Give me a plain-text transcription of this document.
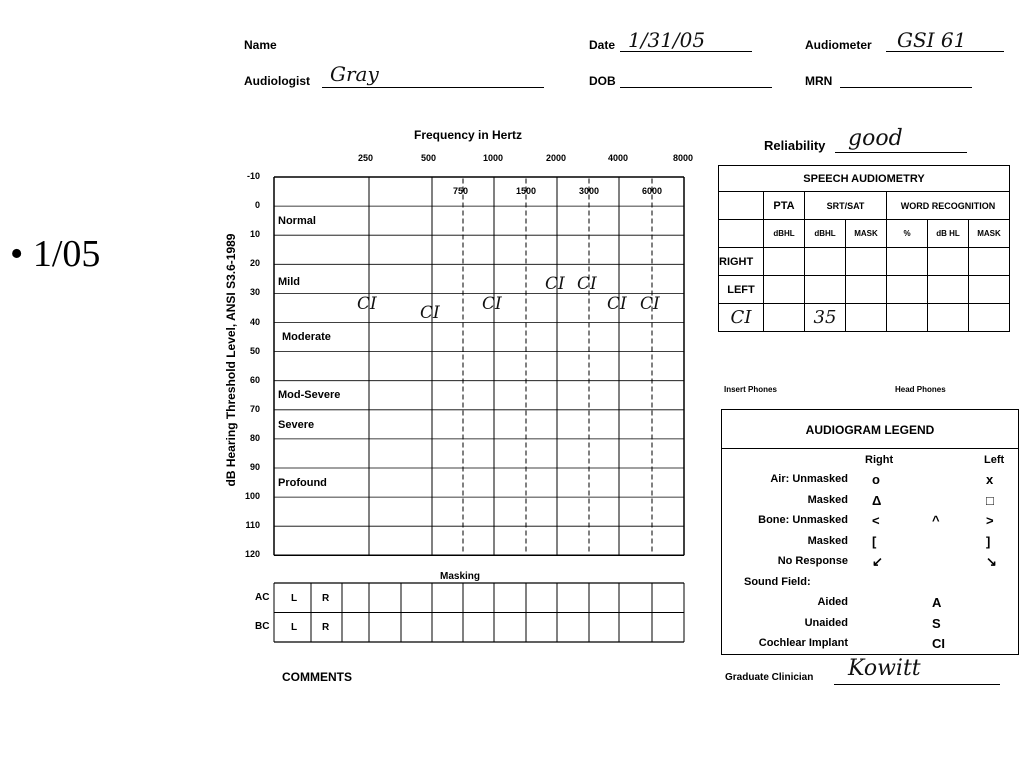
• 1/05
Name	Date 1/31/05	Audiometer GSI 61
Audiologist Gray	DOB	MRN
Frequency in Hertz
250	500	1000	2000	4000	8000
dB Hearing Threshold Level, ANSI S3.6-1989
-10
0
10
20
30
40
50
60
70
80
90
100
110
120
750	1500	3000	6000
Normal
Mild
Moderate
Mod-Severe
Severe
Profound
CI	CI CI
CI CI
CI CI
Masking
AC
BC
L R
L R
COMMENTS
Reliability good
SPEECH AUDIOMETRY						
	PTA	SRT/SAT		WORD RECOGNITION		
	dBHL	dBHL	MASK	%	dB HL	MASK
RIGHT						
LEFT						
CI		35				
Insert Phones	Head Phones
AUDIOGRAM LEGEND
Right	Left
Air: Unmasked o	x
Masked Δ	□
Bone: Unmasked <	^	>
Masked [	]
No Response ↙	↘
Sound Field:
Aided	A
Unaided	S
Cochlear Implant	CI
Graduate Clinician Kowitt
